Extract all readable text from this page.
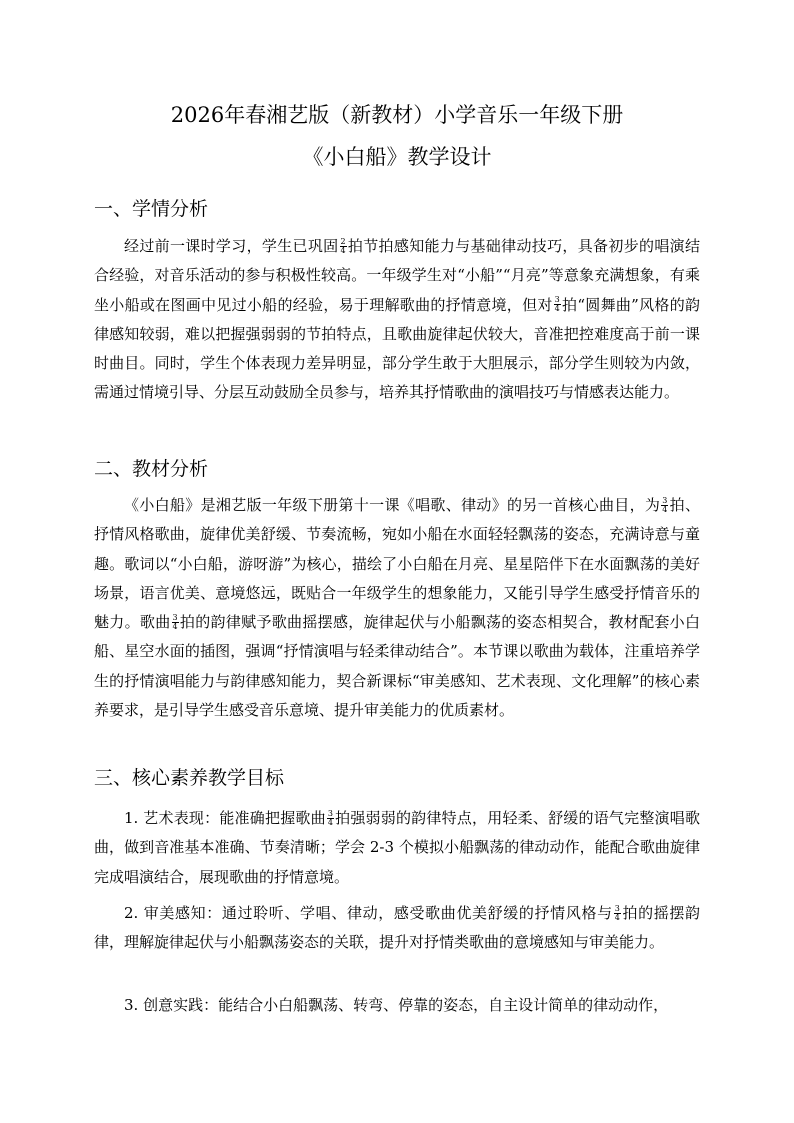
2026年春湘艺版（新教材）小学音乐一年级下册
《小白船》教学设计
一、学情分析
经过前一课时学习，学生已巩固 $\frac{2}{4}$ 拍节拍感知能力与基础律动技巧，具备初步的唱演结合经验，对音乐活动的参与积极性较高。一年级学生对“小船”“月亮”等意象充满想象，有乘坐小船或在图画中见过小船的经验，易于理解歌曲的抒情意境，但对 $\frac{3}{4}$ 拍“圆舞曲”风格的韵律感知较弱，难以把握强弱弱的节拍特点，且歌曲旋律起伏较大，音准把控难度高于前一课时曲目。同时，学生个体表现力差异明显，部分学生敢于大胆展示，部分学生则较为内敛，需通过情境引导、分层互动鼓励全员参与，培养其抒情歌曲的演唱技巧与情感表达能力。
二、教材分析
《小白船》是湘艺版一年级下册第十一课《唱歌、律动》的另一首核心曲目，为 $\frac{3}{4}$ 拍、抒情风格歌曲，旋律优美舒缓、节奏流畅，宛如小船在水面轻轻飘荡的姿态，充满诗意与童趣。歌词以“小白船，游呀游”为核心，描绘了小白船在月亮、星星陪伴下在水面飘荡的美好场景，语言优美、意境悠远，既贴合一年级学生的想象能力，又能引导学生感受抒情音乐的魅力。歌曲 $\frac{3}{4}$ 拍的韵律赋予歌曲摇摆感，旋律起伏与小船飘荡的姿态相契合，教材配套小白船、星空水面的插图，强调“抒情演唱与轻柔律动结合”。本节课以歌曲为载体，注重培养学生的抒情演唱能力与韵律感知能力，契合新课标“审美感知、艺术表现、文化理解”的核心素养要求，是引导学生感受音乐意境、提升审美能力的优质素材。
三、核心素养教学目标
1. 艺术表现：能准确把握歌曲 $\frac{3}{4}$ 拍强弱弱的韵律特点，用轻柔、舒缓的语气完整演唱歌曲，做到音准基本准确、节奏清晰；学会 2-3 个模拟小船飘荡的律动动作，能配合歌曲旋律完成唱演结合，展现歌曲的抒情意境。
2. 审美感知：通过聆听、学唱、律动，感受歌曲优美舒缓的抒情风格与 $\frac{3}{4}$ 拍的摇摆韵律，理解旋律起伏与小船飘荡姿态的关联，提升对抒情类歌曲的意境感知与审美能力。
3. 创意实践：能结合小白船飘荡、转弯、停靠的姿态，自主设计简单的律动动作，
